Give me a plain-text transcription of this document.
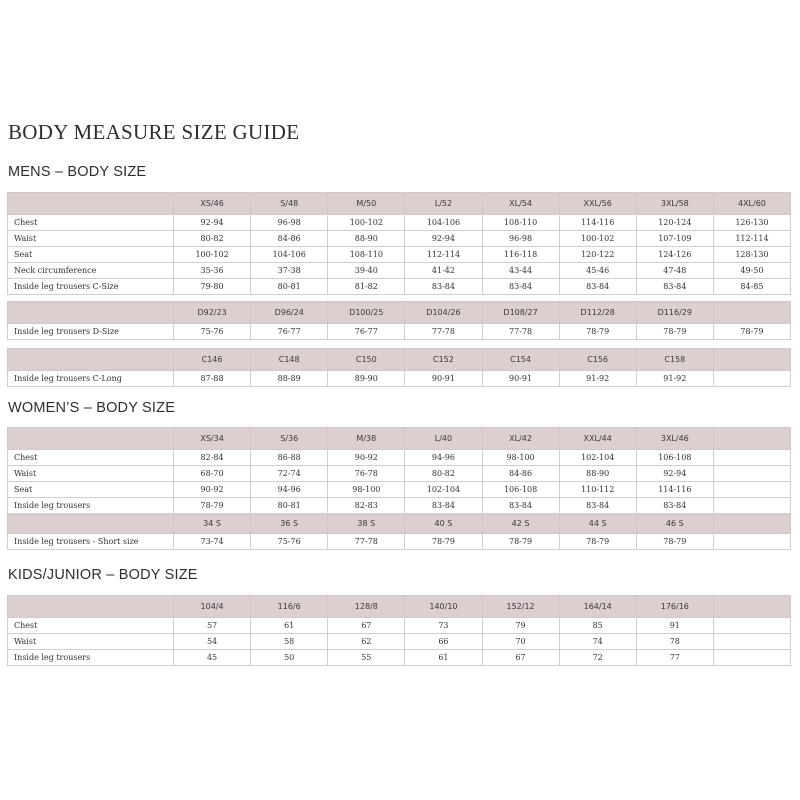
BODY MEASURE SIZE GUIDE
MENS – BODY SIZE
	XS/46	S/48	M/50	L/52	XL/54	XXL/56	3XL/58	4XL/60
Chest	92-94	96-98	100-102	104-106	108-110	114-116	120-124	126-130
Waist	80-82	84-86	88-90	92-94	96-98	100-102	107-109	112-114
Seat	100-102	104-106	108-110	112-114	116-118	120-122	124-126	128-130
Neck circumference	35-36	37-38	39-40	41-42	43-44	45-46	47-48	49-50
Inside leg trousers C-Size	79-80	80-81	81-82	83-84	83-84	83-84	83-84	84-85
	D92/23	D96/24	D100/25	D104/26	D108/27	D112/28	D116/29	
Inside leg trousers D-Size	75-76	76-77	76-77	77-78	77-78	78-79	78-79	78-79
	C146	C148	C150	C152	C154	C156	C158	
Inside leg trousers C-Long	87-88	88-89	89-90	90-91	90-91	91-92	91-92	
WOMEN’S – BODY SIZE
	XS/34	S/36	M/38	L/40	XL/42	XXL/44	3XL/46	
Chest	82-84	86-88	90-92	94-96	98-100	102-104	106-108	
Waist	68-70	72-74	76-78	80-82	84-86	88-90	92-94	
Seat	90-92	94-96	98-100	102-104	106-108	110-112	114-116	
Inside leg trousers	78-79	80-81	82-83	83-84	83-84	83-84	83-84	
	34 S	36 S	38 S	40 S	42 S	44 S	46 S	
Inside leg trousers - Short size	73-74	75-76	77-78	78-79	78-79	78-79	78-79	
KIDS/JUNIOR – BODY SIZE
	104/4	116/6	128/8	140/10	152/12	164/14	176/16	
Chest	57	61	67	73	79	85	91	
Waist	54	58	62	66	70	74	78	
Inside leg trousers	45	50	55	61	67	72	77	
